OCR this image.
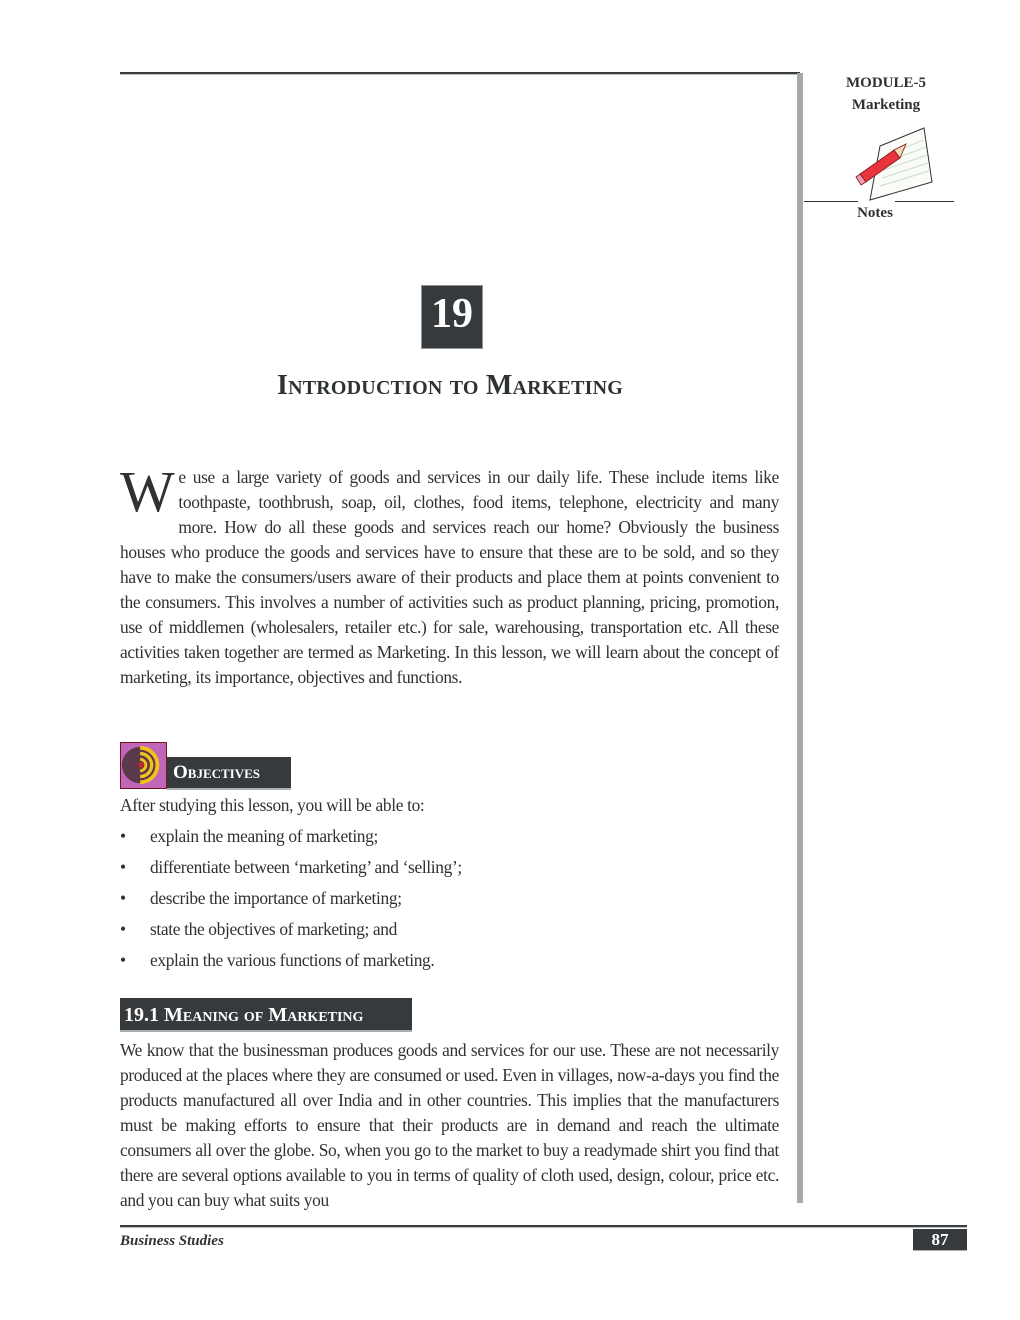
MODULE-5
Marketing
Notes
19
Introduction to Marketing
W e use a large variety of goods and services in our daily life. These include items like toothpaste, toothbrush, soap, oil, clothes, food items, telephone, electricity and many more. How do all these goods and services reach our home? Obviously the business houses who produce the goods and services have to ensure that these are to be sold, and so they have to make the consumers/users aware of their products and place them at points convenient to the consumers. This involves a number of activities such as product planning, pricing, promotion, use of middlemen (wholesalers, retailer etc.) for sale, warehousing, transportation etc. All these activities taken together are termed as Marketing. In this lesson, we will learn about the concept of marketing, its importance, objectives and functions.
Objectives
After studying this lesson, you will be able to:
• explain the meaning of marketing;
• differentiate between ‘marketing’ and ‘selling’;
• describe the importance of marketing;
• state the objectives of marketing; and
• explain the various functions of marketing.
19.1 Meaning of Marketing
We know that the businessman produces goods and services for our use. These are not necessarily produced at the places where they are consumed or used. Even in villages, now-a-days you find the products manufactured all over India and in other countries. This implies that the manufacturers must be making efforts to ensure that their products are in demand and reach the ultimate consumers all over the globe. So, when you go to the market to buy a readymade shirt you find that there are several options available to you in terms of quality of cloth used, design, colour, price etc. and you can buy what suits you
Business Studies	87
